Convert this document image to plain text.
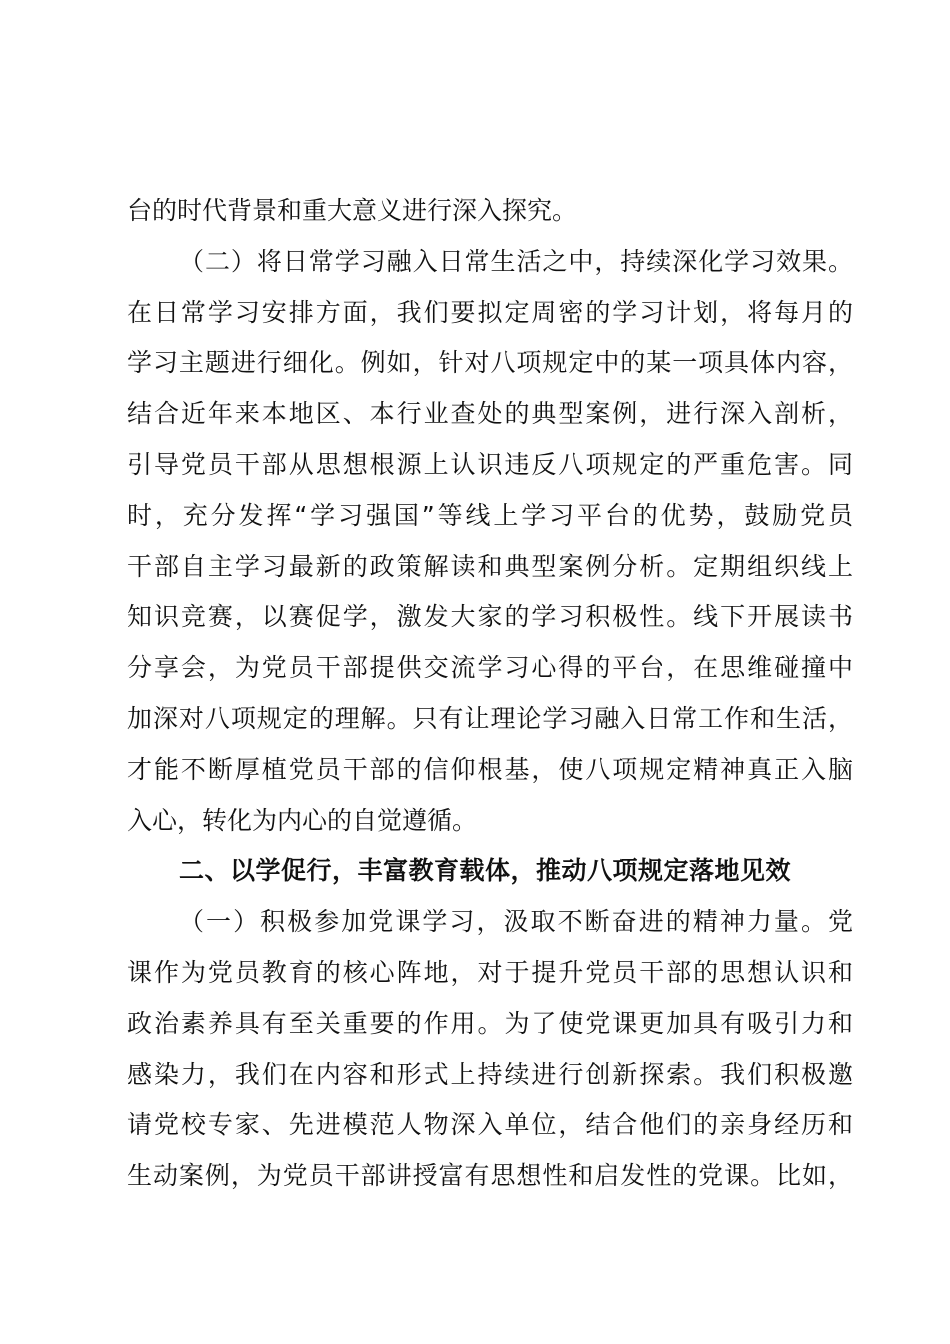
台的时代背景和重大意义进行深入探究。
（二）将日常学习融入日常生活之中，持续深化学习效果。
在日常学习安排方面，我们要拟定周密的学习计划，将每月的
学习主题进行细化。例如，针对八项规定中的某一项具体内容，
结合近年来本地区、本行业查处的典型案例，进行深入剖析，
引导党员干部从思想根源上认识违反八项规定的严重危害。同
时，充分发挥“学习强国”等线上学习平台的优势，鼓励党员
干部自主学习最新的政策解读和典型案例分析。定期组织线上
知识竞赛，以赛促学，激发大家的学习积极性。线下开展读书
分享会，为党员干部提供交流学习心得的平台，在思维碰撞中
加深对八项规定的理解。只有让理论学习融入日常工作和生活，
才能不断厚植党员干部的信仰根基，使八项规定精神真正入脑
入心，转化为内心的自觉遵循。
二、以学促行，丰富教育载体，推动八项规定落地见效
（一）积极参加党课学习，汲取不断奋进的精神力量。党
课作为党员教育的核心阵地，对于提升党员干部的思想认识和
政治素养具有至关重要的作用。为了使党课更加具有吸引力和
感染力，我们在内容和形式上持续进行创新探索。我们积极邀
请党校专家、先进模范人物深入单位，结合他们的亲身经历和
生动案例，为党员干部讲授富有思想性和启发性的党课。比如，
